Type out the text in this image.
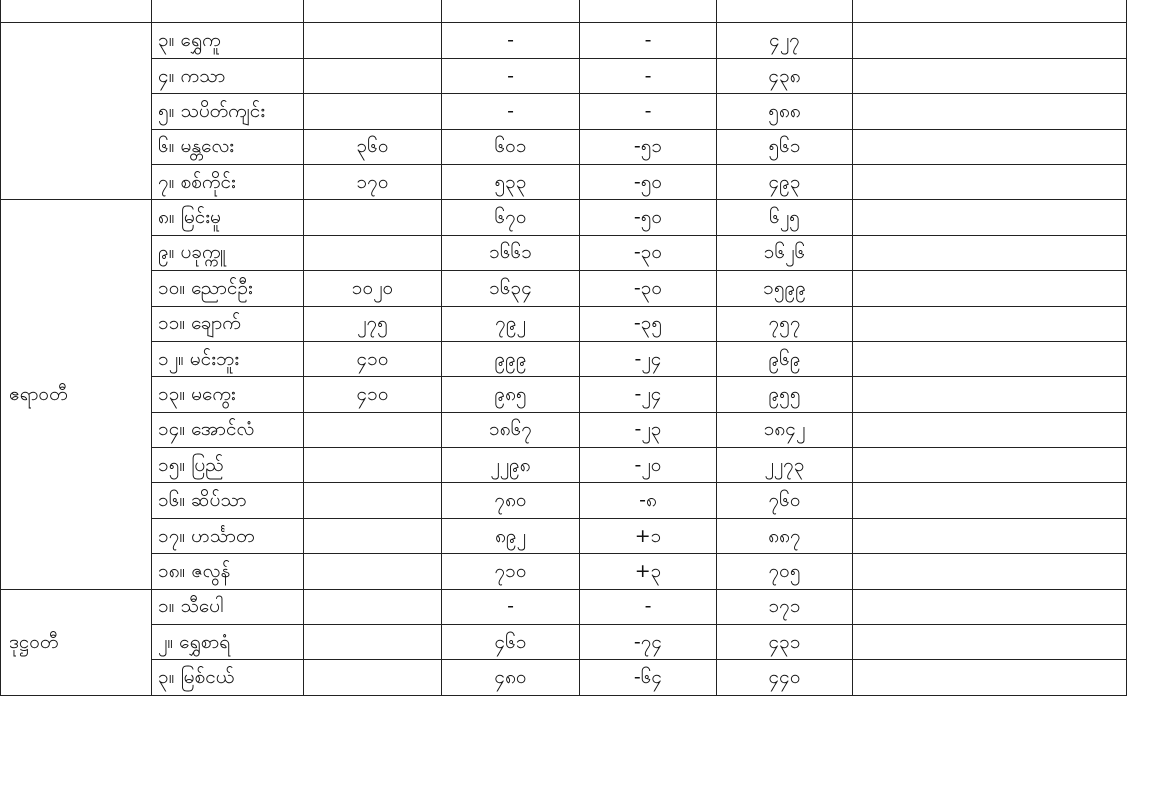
	၃။ ရွှေကူ		-	-	၄၂၇	
	၄။ ကသာ		-	-	၄၃၈	
	၅။ သပိတ်ကျင်း		-	-	၅၈၈	
	၆။ မန္တလေး	၃၆၀	၆၀၁	-၅၁	၅၆၁	
	၇။ စစ်ကိုင်း	၁၇၀	၅၃၃	-၅၀	၄၉၃	
ဧရာဝတီ	၈။ မြင်းမူ		၆၇၀	-၅၀	၆၂၅	
	၉။ ပခုက္ကူ		၁၆၆၁	-၃၀	၁၆၂၆	
	၁၀။ ညောင်ဦး	၁၀၂၀	၁၆၃၄	-၃၀	၁၅၉၉	
	၁၁။ ချောက်	၂၇၅	၇၉၂	-၃၅	၇၅၇	
	၁၂။ မင်းဘူး	၄၁၀	၉၉၉	-၂၄	၉၆၉	
	၁၃။ မကွေး	၄၁၀	၉၈၅	-၂၄	၉၅၅	
	၁၄။ အောင်လံ		၁၈၆၇	-၂၃	၁၈၄၂	
	၁၅။ ပြည်		၂၂၉၈	-၂၀	၂၂၇၃	
	၁၆။ ဆိပ်သာ		၇၈၀	-၈	၇၆၀	
	၁၇။ ဟင်္သာတ		၈၉၂	+၁	၈၈၇	
	၁၈။ ဇလွန်		၇၁၀	+၃	၇၀၅	
ဒုဋ္ဌဝတီ	၁။ သီပေါ		-	-	၁၇၁	
	၂။ ရွှေစာရံ		၄၆၁	-၇၄	၄၃၁	
	၃။ မြစ်ငယ်		၄၈၀	-၆၄	၄၄၀	
